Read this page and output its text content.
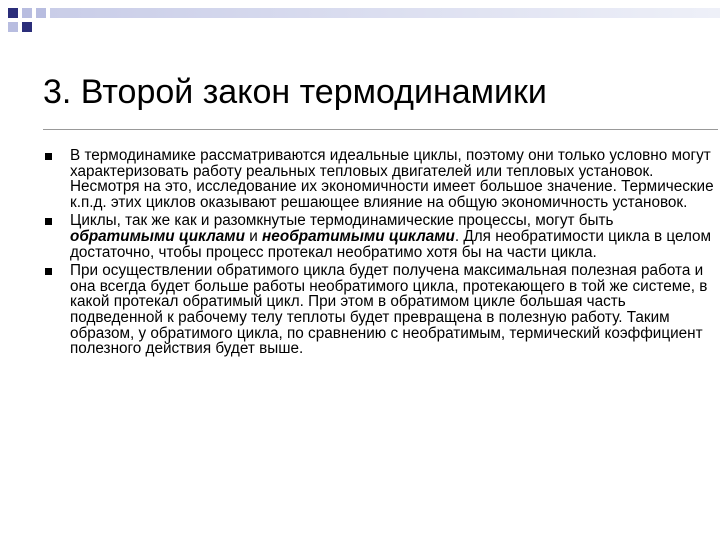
3. Второй закон термодинамики
В термодинамике рассматриваются идеальные циклы, поэтому они только условно могут характеризовать работу реальных тепловых двигателей или тепловых установок. Несмотря на это, исследование их экономичности имеет большое значение. Термические к.п.д. этих циклов оказывают решающее влияние на общую экономичность установок.
Циклы, так же как и разомкнутые термодинамические процессы, могут быть обратимыми циклами и необратимыми циклами. Для необратимости цикла в целом достаточно, чтобы процесс протекал необратимо хотя бы на части цикла.
При осуществлении обратимого цикла будет получена максимальная полезная работа и она всегда будет больше работы необратимого цикла, протекающего в той же системе, в какой протекал обратимый цикл. При этом в обратимом цикле большая часть подведенной к рабочему телу теплоты будет превращена в полезную работу. Таким образом, у обратимого цикла, по сравнению с необратимым, термический коэффициент полезного действия будет выше.
